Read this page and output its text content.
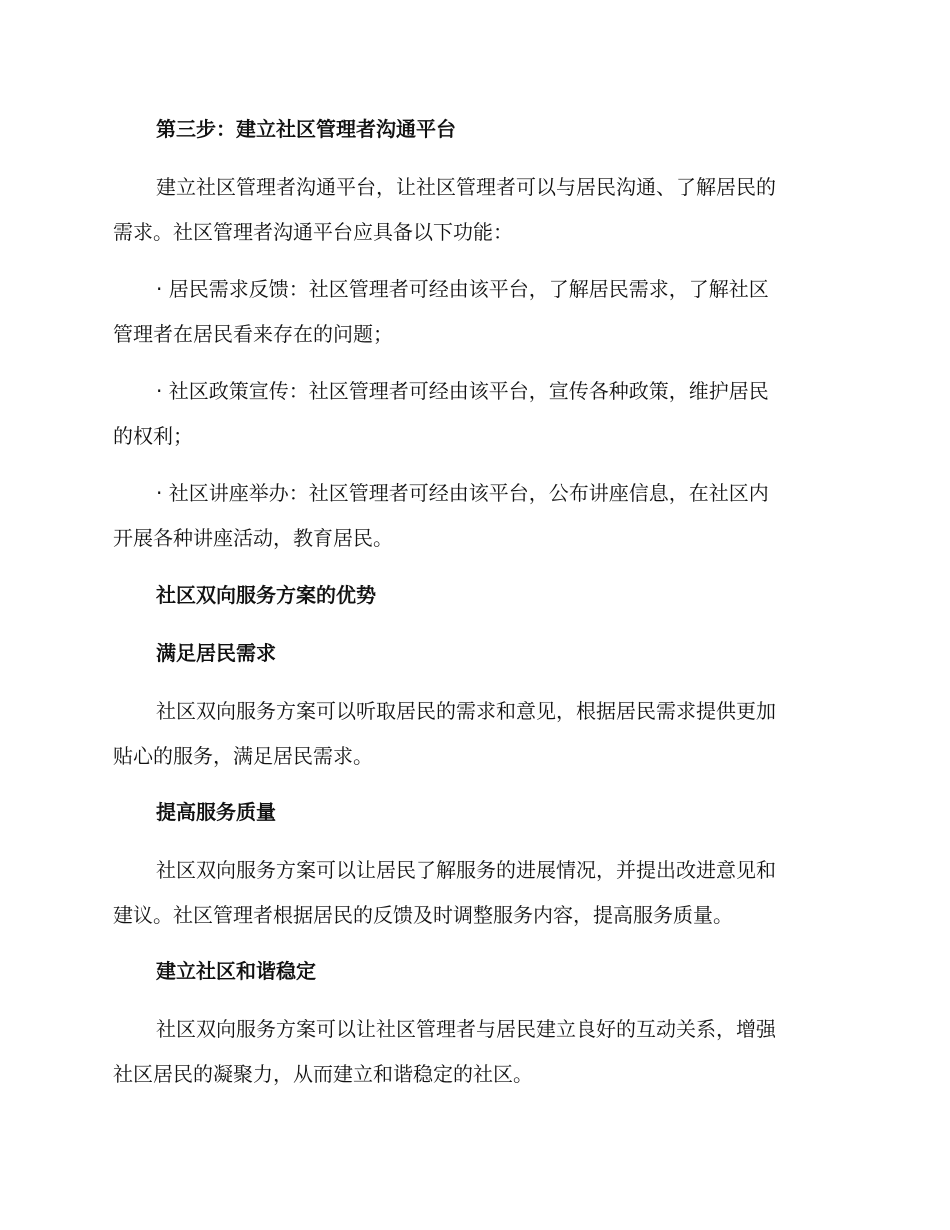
第三步：建立社区管理者沟通平台

建立社区管理者沟通平台，让社区管理者可以与居民沟通、了解居民的
需求。社区管理者沟通平台应具备以下功能：

· 居民需求反馈：社区管理者可经由该平台，了解居民需求，了解社区
管理者在居民看来存在的问题；

· 社区政策宣传：社区管理者可经由该平台，宣传各种政策，维护居民
的权利；

· 社区讲座举办：社区管理者可经由该平台，公布讲座信息，在社区内
开展各种讲座活动，教育居民。

社区双向服务方案的优势
满足居民需求

社区双向服务方案可以听取居民的需求和意见，根据居民需求提供更加
贴心的服务，满足居民需求。

提高服务质量

社区双向服务方案可以让居民了解服务的进展情况，并提出改进意见和
建议。社区管理者根据居民的反馈及时调整服务内容，提高服务质量。

建立社区和谐稳定

社区双向服务方案可以让社区管理者与居民建立良好的互动关系，增强
社区居民的凝聚力，从而建立和谐稳定的社区。
